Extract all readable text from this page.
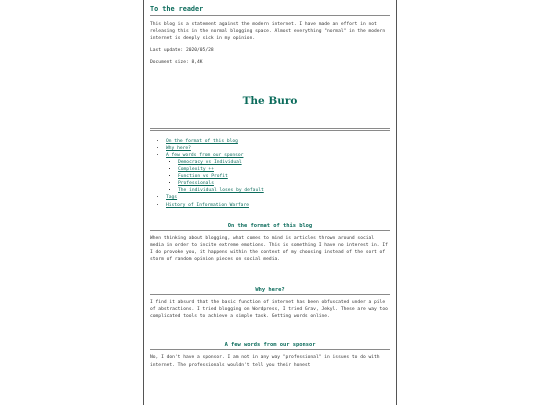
To the reader

This blog is a statement against the modern internet. I have made an effort in not releasing this in the normal blogging space. Almost everything "normal" in the modern internet is deeply sick in my opinion.

Last update: 2020/05/28

Document size: 8,4K

The Buro
• On the format of this blog
• Why here?
• A few words from our sponsor
▪ Democracy vs Individual
▪ Complexity ++
▪ Function vs Profit
▪ Professionals
▪ The individual loses by default
• Tags
• History of Information Warfare
On the format of this blog

When thinking about blogging, what comes to mind is articles thrown around social media in order to incite extreme emotions. This is something I have no interest in. If I do provoke you, it happens within the context of my choosing instead of the sort of storm of random opinion pieces on social media.

Why here?

I find it absurd that the basic function of internet has been obfuscated under a pile of abstractions. I tried blogging on Wordpress, I tried Grav, Jekyl. These are way too complicated tools to achieve a simple task. Getting words online.

A few words from our sponsor

No, I don't have a sponsor. I am not in any way "professional" in issues to do with internet. The professionals wouldn't tell you their honest
